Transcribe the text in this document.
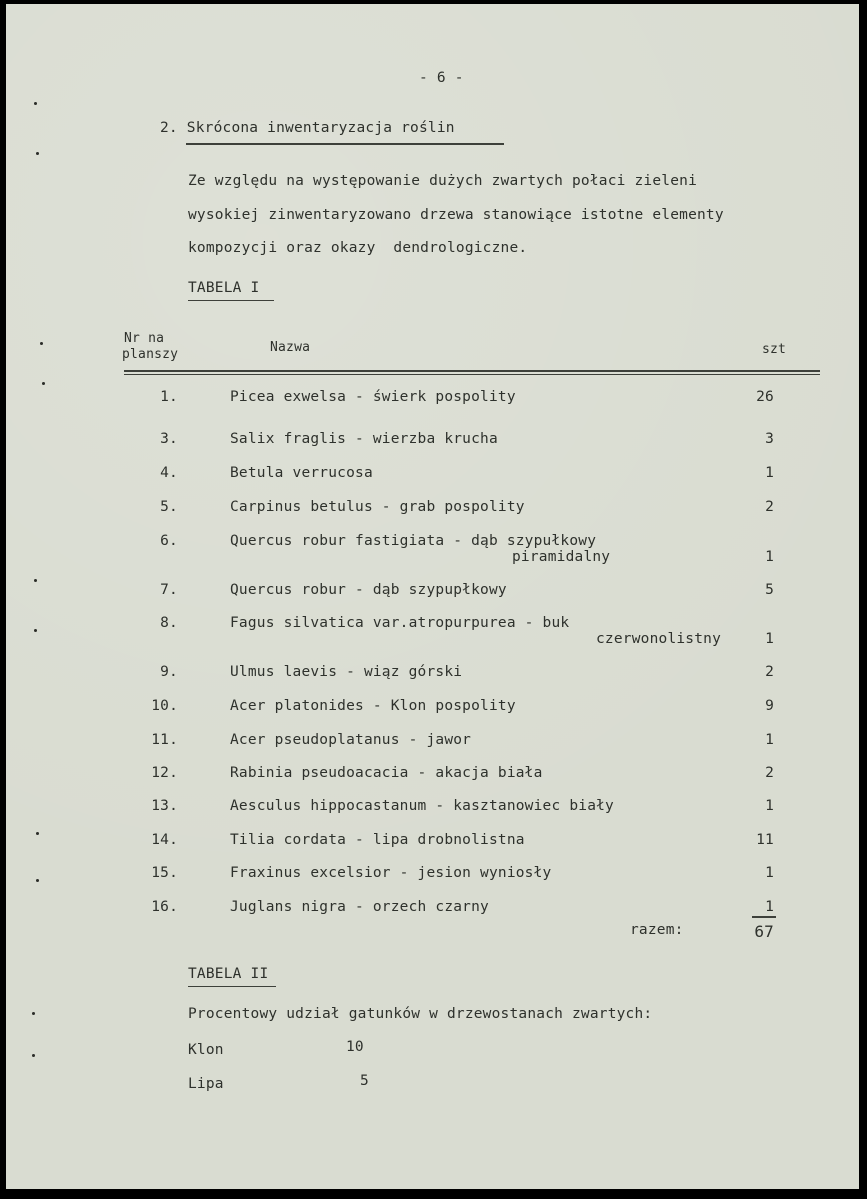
- 6 -
2. Skrócona inwentaryzacja roślin
Ze względu na występowanie dużych zwartych połaci zieleni
wysokiej zinwentaryzowano drzewa stanowiące istotne elementy
kompozycji oraz okazy  dendrologiczne.
TABELA I
Nr na
planszy	Nazwa	szt
1.	Picea exwelsa - świerk pospolity	26
3.	Salix fraglis - wierzba krucha	3
4.	Betula verrucosa	1
5.	Carpinus betulus - grab pospolity	2
6.	Quercus robur fastigiata - dąb szypułkowy
piramidalny	1
7.	Quercus robur - dąb szypupłkowy	5
8.	Fagus silvatica var.atropurpurea - buk
czerwonolistny	1
9.	Ulmus laevis - wiąz górski	2
10.	Acer platonides - Klon pospolity	9
11.	Acer pseudoplatanus - jawor	1
12.	Rabinia pseudoacacia - akacja biała	2
13.	Aesculus hippocastanum - kasztanowiec biały	1
14.	Tilia cordata - lipa drobnolistna	11
15.	Fraxinus excelsior - jesion wyniosły	1
16.	Juglans nigra - orzech czarny	1
razem:	67
TABELA II
Procentowy udział gatunków w drzewostanach zwartych:
Klon	10
Lipa	5
